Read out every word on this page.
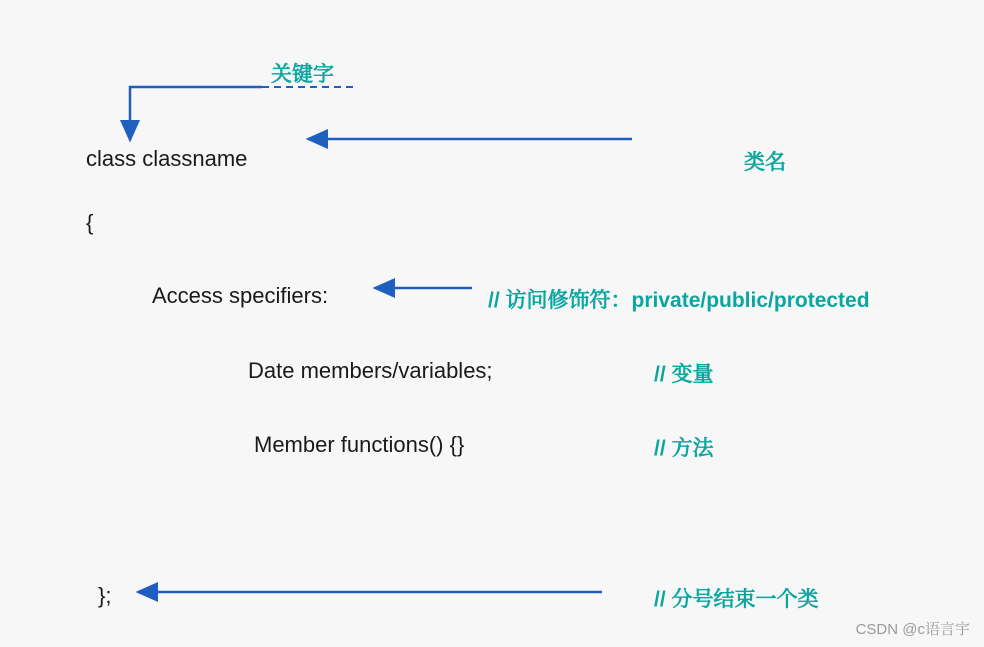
关键字
class classname
{
Access specifiers:
Date members/variables;
Member functions() {}
};
类名
// 访问修饰符：private/public/protected
// 变量
// 方法
// 分号结束一个类
CSDN @c语言宇
